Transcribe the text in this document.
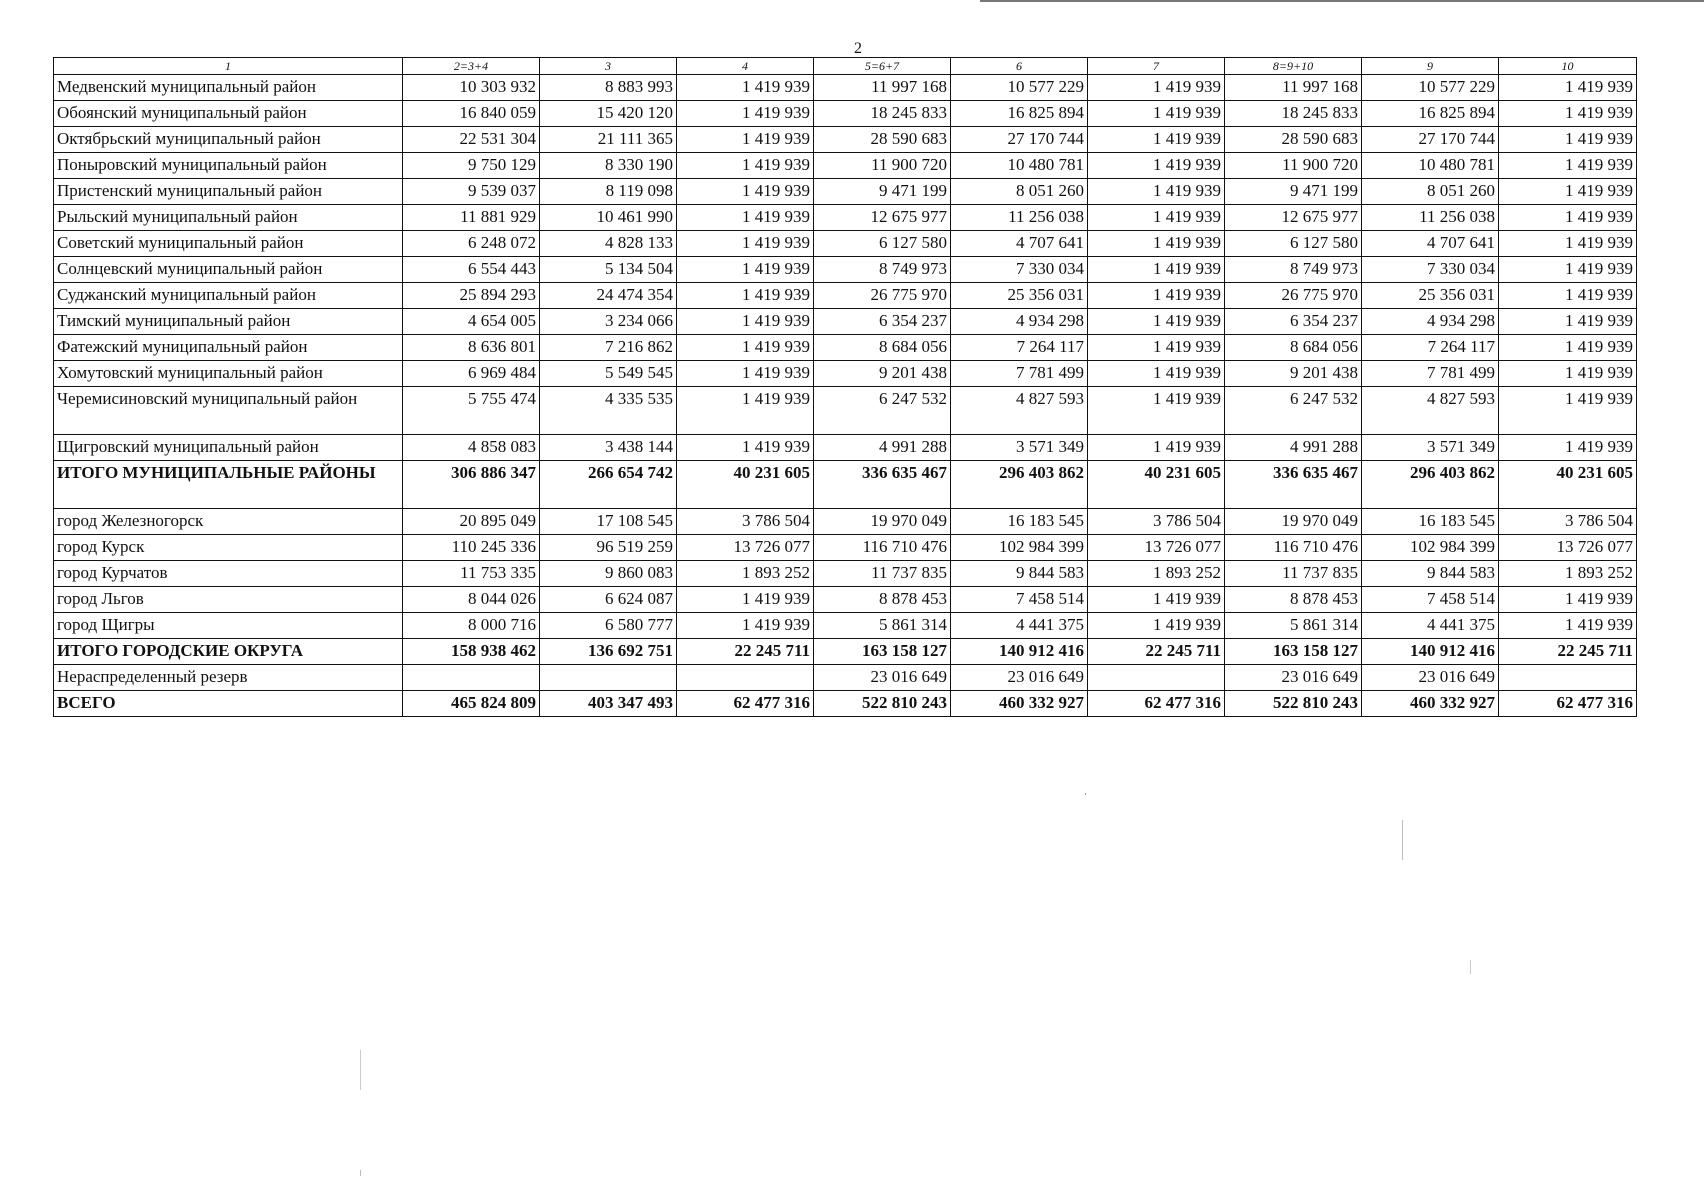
2
1	2=3+4	3	4	5=6+7	6	7	8=9+10	9	10
Медвенский муниципальный район	10 303 932	8 883 993	1 419 939	11 997 168	10 577 229	1 419 939	11 997 168	10 577 229	1 419 939
Обоянский муниципальный район	16 840 059	15 420 120	1 419 939	18 245 833	16 825 894	1 419 939	18 245 833	16 825 894	1 419 939
Октябрьский муниципальный район	22 531 304	21 111 365	1 419 939	28 590 683	27 170 744	1 419 939	28 590 683	27 170 744	1 419 939
Поныровский муниципальный район	9 750 129	8 330 190	1 419 939	11 900 720	10 480 781	1 419 939	11 900 720	10 480 781	1 419 939
Пристенский муниципальный район	9 539 037	8 119 098	1 419 939	9 471 199	8 051 260	1 419 939	9 471 199	8 051 260	1 419 939
Рыльский муниципальный район	11 881 929	10 461 990	1 419 939	12 675 977	11 256 038	1 419 939	12 675 977	11 256 038	1 419 939
Советский муниципальный район	6 248 072	4 828 133	1 419 939	6 127 580	4 707 641	1 419 939	6 127 580	4 707 641	1 419 939
Солнцевский муниципальный район	6 554 443	5 134 504	1 419 939	8 749 973	7 330 034	1 419 939	8 749 973	7 330 034	1 419 939
Суджанский муниципальный район	25 894 293	24 474 354	1 419 939	26 775 970	25 356 031	1 419 939	26 775 970	25 356 031	1 419 939
Тимский муниципальный район	4 654 005	3 234 066	1 419 939	6 354 237	4 934 298	1 419 939	6 354 237	4 934 298	1 419 939
Фатежский муниципальный район	8 636 801	7 216 862	1 419 939	8 684 056	7 264 117	1 419 939	8 684 056	7 264 117	1 419 939
Хомутовский муниципальный район	6 969 484	5 549 545	1 419 939	9 201 438	7 781 499	1 419 939	9 201 438	7 781 499	1 419 939
Черемисиновский муниципальный район	5 755 474	4 335 535	1 419 939	6 247 532	4 827 593	1 419 939	6 247 532	4 827 593	1 419 939
Щигровский муниципальный район	4 858 083	3 438 144	1 419 939	4 991 288	3 571 349	1 419 939	4 991 288	3 571 349	1 419 939
ИТОГО МУНИЦИПАЛЬНЫЕ РАЙОНЫ	306 886 347	266 654 742	40 231 605	336 635 467	296 403 862	40 231 605	336 635 467	296 403 862	40 231 605
город Железногорск	20 895 049	17 108 545	3 786 504	19 970 049	16 183 545	3 786 504	19 970 049	16 183 545	3 786 504
город Курск	110 245 336	96 519 259	13 726 077	116 710 476	102 984 399	13 726 077	116 710 476	102 984 399	13 726 077
город Курчатов	11 753 335	9 860 083	1 893 252	11 737 835	9 844 583	1 893 252	11 737 835	9 844 583	1 893 252
город Льгов	8 044 026	6 624 087	1 419 939	8 878 453	7 458 514	1 419 939	8 878 453	7 458 514	1 419 939
город Щигры	8 000 716	6 580 777	1 419 939	5 861 314	4 441 375	1 419 939	5 861 314	4 441 375	1 419 939
ИТОГО ГОРОДСКИЕ ОКРУГА	158 938 462	136 692 751	22 245 711	163 158 127	140 912 416	22 245 711	163 158 127	140 912 416	22 245 711
Нераспределенный резерв				23 016 649	23 016 649		23 016 649	23 016 649	
ВСЕГО	465 824 809	403 347 493	62 477 316	522 810 243	460 332 927	62 477 316	522 810 243	460 332 927	62 477 316
